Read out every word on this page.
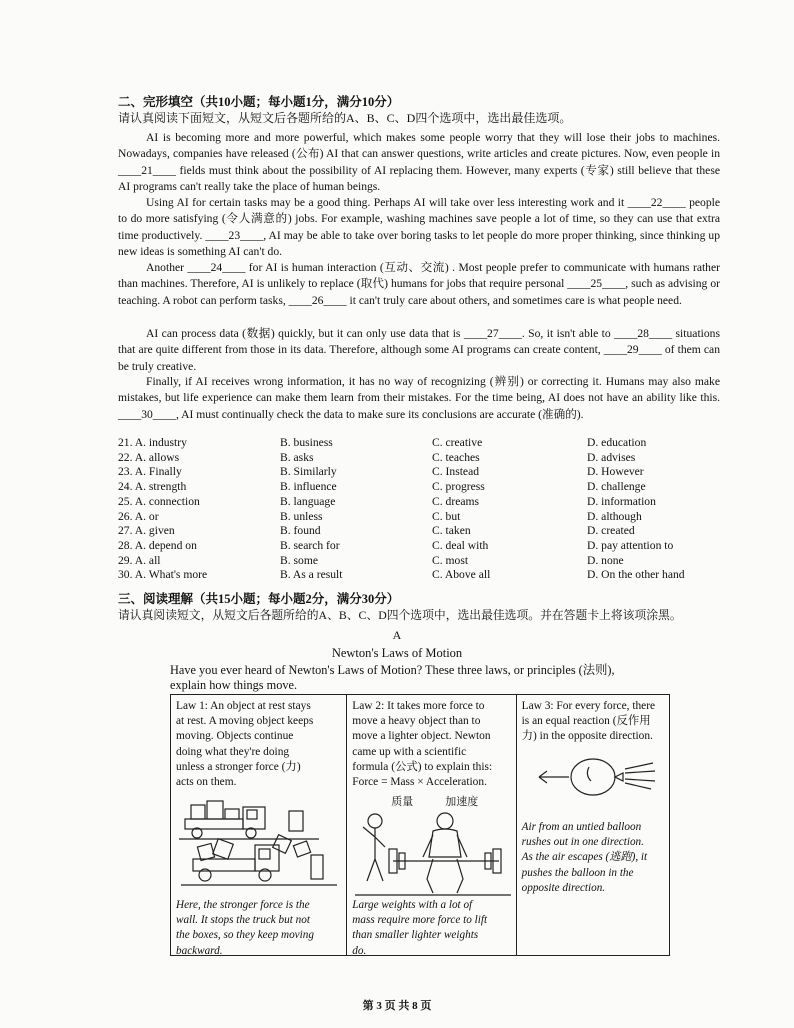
二、完形填空（共10小题；每小题1分，满分10分）
请认真阅读下面短文，从短文后各题所给的A、B、C、D四个选项中，选出最佳选项。
AI is becoming more and more powerful, which makes some people worry that they will lose their jobs to machines. Nowadays, companies have released (公布) AI that can answer questions, write articles and create pictures. Now, even people in ____21____ fields must think about the possibility of AI replacing them. However, many experts (专家) still believe that these AI programs can't really take the place of human beings.
Using AI for certain tasks may be a good thing. Perhaps AI will take over less interesting work and it ____22____ people to do more satisfying (令人满意的) jobs. For example, washing machines save people a lot of time, so they can use that extra time productively. ____23____, AI may be able to take over boring tasks to let people do more proper thinking, since thinking up new ideas is something AI can't do.
Another ____24____ for AI is human interaction (互动、交流) . Most people prefer to communicate with humans rather than machines. Therefore, AI is unlikely to replace (取代) humans for jobs that require personal ____25____, such as advising or teaching. A robot can perform tasks, ____26____ it can't truly care about others, and sometimes care is what people need.
AI can process data (数据) quickly, but it can only use data that is ____27____. So, it isn't able to ____28____ situations that are quite different from those in its data. Therefore, although some AI programs can create content, ____29____ of them can be truly creative.
Finally, if AI receives wrong information, it has no way of recognizing (辨别) or correcting it. Humans may also make mistakes, but life experience can make them learn from their mistakes. For the time being, AI does not have an ability like this. ____30____, AI must continually check the data to make sure its conclusions are accurate (准确的).
21. A. industry	B. business	C. creative	D. education
22. A. allows	B. asks	C. teaches	D. advises
23. A. Finally	B. Similarly	C. Instead	D. However
24. A. strength	B. influence	C. progress	D. challenge
25. A. connection	B. language	C. dreams	D. information
26. A. or	B. unless	C. but	D. although
27. A. given	B. found	C. taken	D. created
28. A. depend on	B. search for	C. deal with	D. pay attention to
29. A. all	B. some	C. most	D. none
30. A. What's more	B. As a result	C. Above all	D. On the other hand
三、阅读理解（共15小题；每小题2分，满分30分）
请认真阅读短文，从短文后各题所给的A、B、C、D四个选项中，选出最佳选项。并在答题卡上将该项涂黑。
A
Newton's Laws of Motion
Have you ever heard of Newton's Laws of Motion? These three laws, or principles (法则),
explain how things move.
Law 1: An object at rest stays
at rest. A moving object keeps
moving. Objects continue
doing what they're doing
unless a stronger force (力)
acts on them.
Here, the stronger force is the
wall. It stops the truck but not
the boxes, so they keep moving
backward.
Law 2: It takes more force to
move a heavy object than to
move a lighter object. Newton
came up with a scientific
formula (公式) to explain this:
Force = Mass × Acceleration.
质量	加速度
Large weights with a lot of
mass require more force to lift
than smaller lighter weights
do.
Law 3: For every force, there
is an equal reaction (反作用
力) in the opposite direction.
Air from an untied balloon
rushes out in one direction.
As the air escapes (逃跑), it
pushes the balloon in the
opposite direction.
第 3 页 共 8 页
